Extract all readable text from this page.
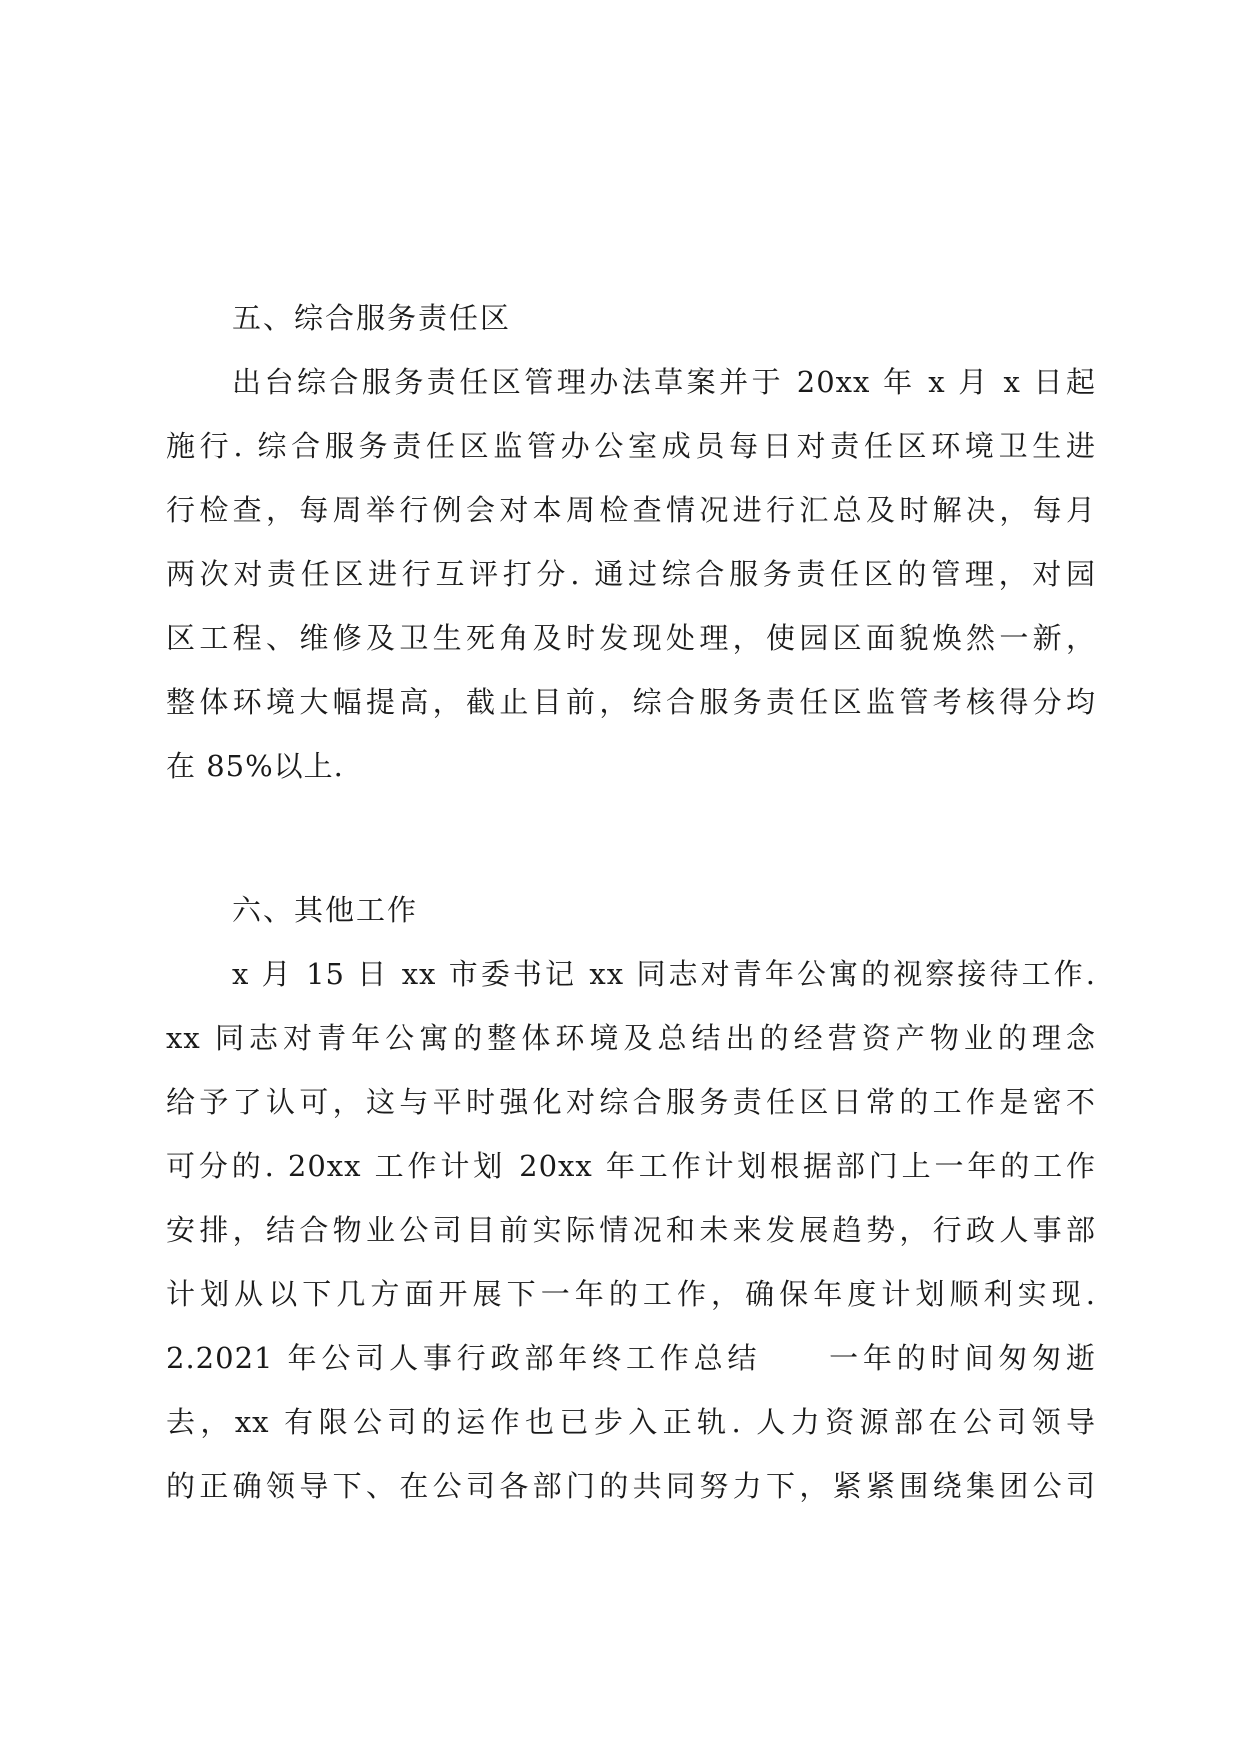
五、综合服务责任区
出台综合服务责任区管理办法草案并于 20xx 年 x 月 x 日起
施行. 综合服务责任区监管办公室成员每日对责任区环境卫生进
行检查，每周举行例会对本周检查情况进行汇总及时解决，每月
两次对责任区进行互评打分. 通过综合服务责任区的管理，对园
区工程、维修及卫生死角及时发现处理，使园区面貌焕然一新，
整体环境大幅提高，截止目前，综合服务责任区监管考核得分均
在 85%以上.
六、其他工作
x 月 15 日 xx 市委书记 xx 同志对青年公寓的视察接待工作.
xx 同志对青年公寓的整体环境及总结出的经营资产物业的理念
给予了认可，这与平时强化对综合服务责任区日常的工作是密不
可分的. 20xx 工作计划 20xx 年工作计划根据部门上一年的工作
安排，结合物业公司目前实际情况和未来发展趋势，行政人事部
计划从以下几方面开展下一年的工作，确保年度计划顺利实现.
2.2021 年公司人事行政部年终工作总结　　一年的时间匆匆逝
去，xx 有限公司的运作也已步入正轨. 人力资源部在公司领导
的正确领导下、在公司各部门的共同努力下，紧紧围绕集团公司
